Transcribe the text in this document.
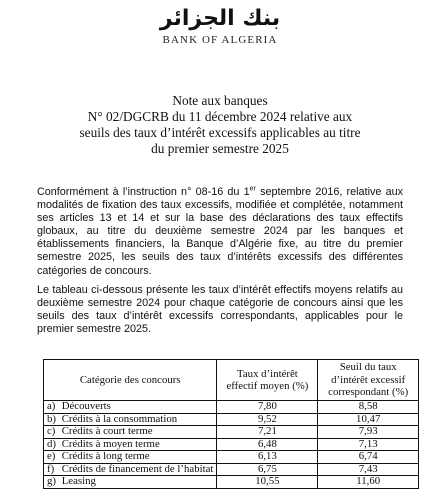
بنك الجزائر
BANK OF ALGERIA
Note aux banques
N° 02/DGCRB du 11 décembre 2024 relative aux
seuils des taux d’intérêt excessifs applicables au titre
du premier semestre 2025

Conformément à l’instruction n° 08-16 du 1er septembre 2016, relative aux modalités de fixation des taux excessifs, modifiée et complétée, notamment ses articles 13 et 14 et sur la base des déclarations des taux effectifs globaux, au titre du deuxième semestre 2024 par les banques et établissements financiers, la Banque d’Algérie fixe, au titre du premier semestre 2025, les seuils des taux d’intérêts excessifs des différentes catégories de concours.

Le tableau ci-dessous présente les taux d’intérêt effectifs moyens relatifs au deuxième semestre 2024 pour chaque catégorie de concours ainsi que les seuils des taux d’intérêt excessifs correspondants, applicables pour le premier semestre 2025.

Catégorie des concours	Taux d’intérêt effectif moyen (%)	Seuil du taux d’intérêt excessif correspondant (%)
a) Découverts	7,80	8,58
b) Crédits à la consommation	9,52	10,47
c) Crédits à court terme	7,21	7,93
d) Crédits à moyen terme	6,48	7,13
e) Crédits à long terme	6,13	6,74
f) Crédits de financement de l’habitat	6,75	7,43
g) Leasing	10,55	11,60
